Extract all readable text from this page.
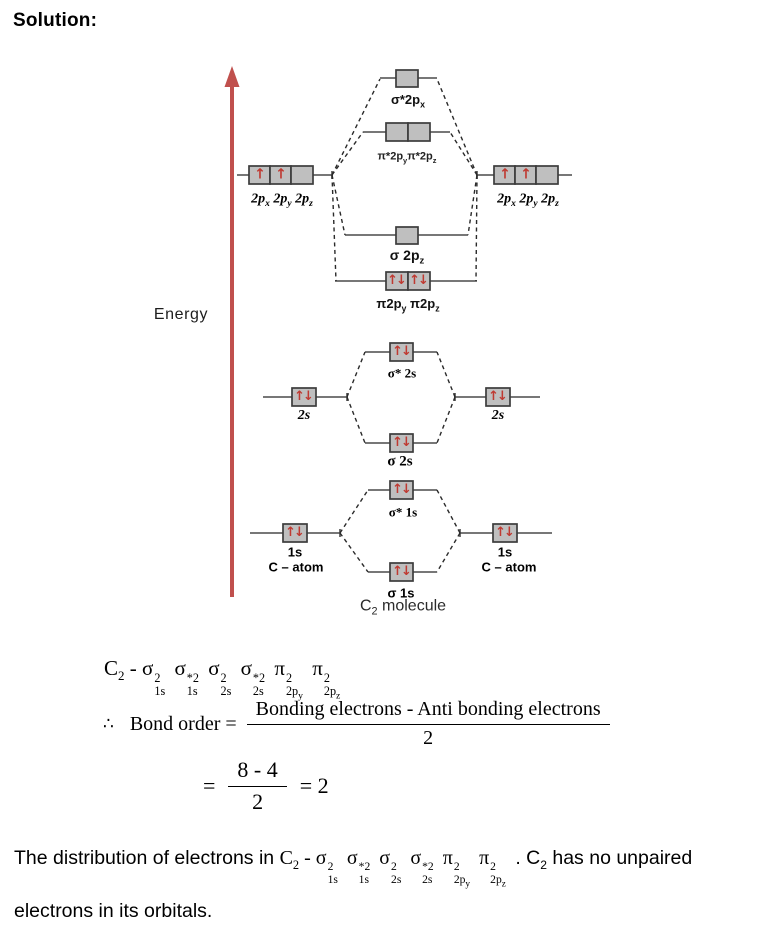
Solution:
↑ ↑	↑ ↑
↑↓ ↑↓
↑↓	↑↓
↑↓
↑↓
↑↓	↑↓
↑↓
↑↓
Energy
$\sigma*2p_x$
$\pi*2p_y\pi*2p_z$
$2p_x$ $2p_y$ $2p_z$	$2p_x$ $2p_y$ $2p_z$
σ $2p_z$
$\pi 2p_y$ $\pi 2p_z$
σ* 2s
2s	2s
σ 2s
σ* 1s
1s	1s
C – atom	C – atom
σ 1s
$C_2$ molecule
$C_2$ - σ 2
1s
σ *2
1s
σ 2
2s
σ *2
2s
π 2
$2p_y$
π 2
$2p_z$
∴ Bond order = $\frac{\text{Bonding electrons - Anti bonding electrons}}{2}$
= $\frac{8 - 4}{2} = 2$
The distribution of electrons in $C_2$ - σ 2
1s
σ *2
1s
σ 2
2s
σ *2
2s
π 2
$2p_y$
π 2
$2p_z$
. $C_2$ has no unpaired electrons in its orbitals.
